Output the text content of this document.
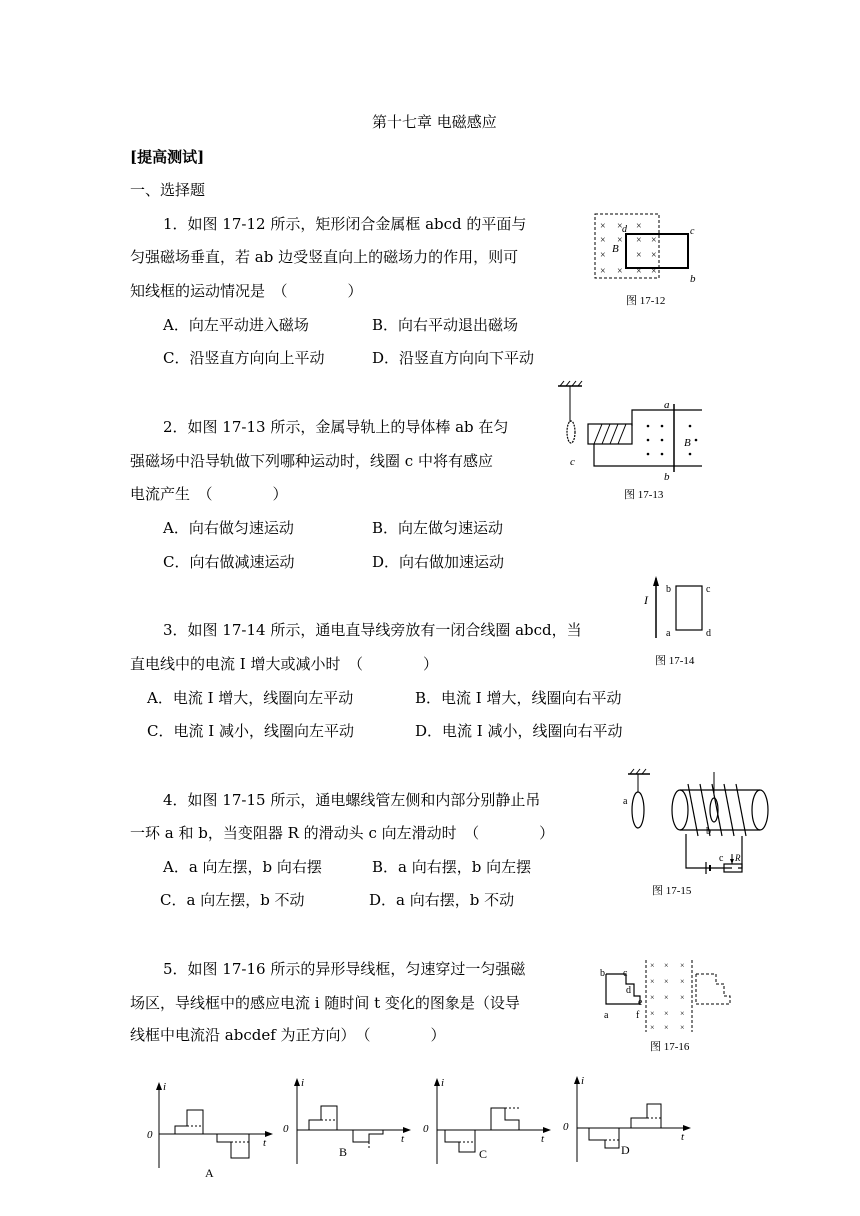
第十七章 电磁感应
[提高测试]
一、选择题
1．如图 17-12 所示，矩形闭合金属框 abcd 的平面与
匀强磁场垂直，若 ab 边受竖直向上的磁场力的作用，则可
知线框的运动情况是　（　　　　）
A．向左平动进入磁场	B．向右平动退出磁场
C．沿竖直方向向上平动	D．沿竖直方向向下平动
× × ×
× × × ×
×	× ×
× × × ×
B
d	c
b
图 17-12
2．如图 17-13 所示，金属导轨上的导体棒 ab 在匀
强磁场中沿导轨做下列哪种运动时，线圈 c 中将有感应
电流产生　（　　　　）
A．向右做匀速运动	B．向左做匀速运动
C．向右做减速运动	D．向右做加速运动
c
a
b
B
图 17-13
3．如图 17-14 所示，通电直导线旁放有一闭合线圈 abcd，当
直电线中的电流 I 增大或减小时　（　　　　）
A．电流 I 增大，线圈向左平动	B．电流 I 增大，线圈向右平动
C．电流 I 减小，线圈向左平动	D．电流 I 减小，线圈向右平动
I
b	c
a	d
图 17-14
4．如图 17-15 所示，通电螺线管左侧和内部分别静止吊
一环 a 和 b，当变阻器 R 的滑动头 c 向左滑动时　（　　　　）
A．a 向左摆，b 向右摆	B．a 向右摆，b 向左摆
C．a 向左摆，b 不动	D．a 向右摆，b 不动
a
b
c R
图 17-15
5．如图 17-16 所示的异形导线框，匀速穿过一匀强磁
场区，导线框中的感应电流 i 随时间 t 变化的图象是（设导
线框中电流沿 abcdef 为正方向）　（　　　　）
b c
d
e
f
a
× × ×
× × ×
× × ×
× × ×
× × ×
图 17-16
i
0
t
A
i
0
t
B
i
0
t
C
i
0
t
D
